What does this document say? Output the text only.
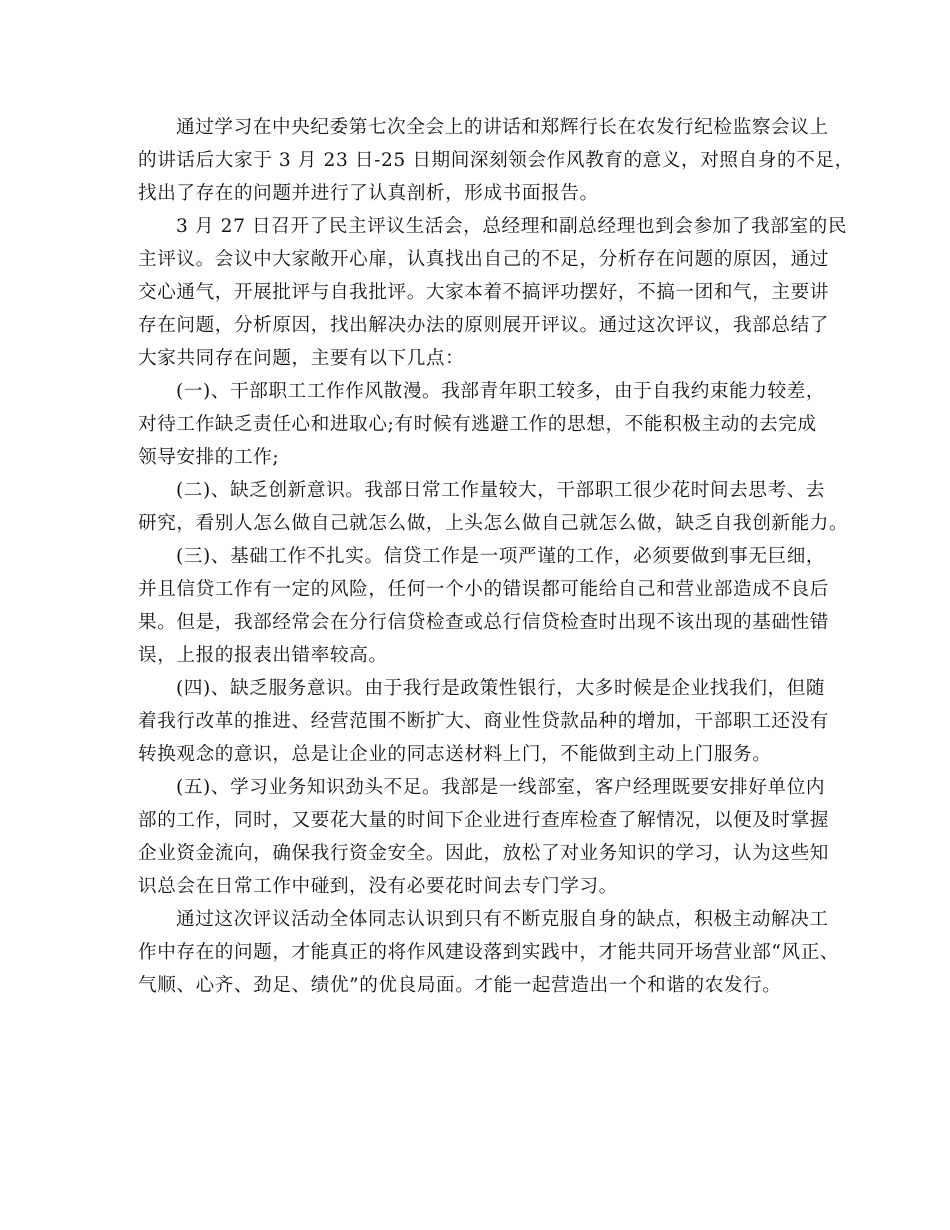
通过学习在中央纪委第七次全会上的讲话和郑辉行长在农发行纪检监察会议上
的讲话后大家于 3 月 23 日-25 日期间深刻领会作风教育的意义，对照自身的不足，
找出了存在的问题并进行了认真剖析，形成书面报告。
3 月 27 日召开了民主评议生活会，总经理和副总经理也到会参加了我部室的民
主评议。会议中大家敞开心扉，认真找出自己的不足，分析存在问题的原因，通过
交心通气，开展批评与自我批评。大家本着不搞评功摆好，不搞一团和气，主要讲
存在问题，分析原因，找出解决办法的原则展开评议。通过这次评议，我部总结了
大家共同存在问题，主要有以下几点：
(一)、干部职工工作作风散漫。我部青年职工较多，由于自我约束能力较差，
对待工作缺乏责任心和进取心;有时候有逃避工作的思想，不能积极主动的去完成
领导安排的工作;
(二)、缺乏创新意识。我部日常工作量较大，干部职工很少花时间去思考、去
研究，看别人怎么做自己就怎么做，上头怎么做自己就怎么做，缺乏自我创新能力。
(三)、基础工作不扎实。信贷工作是一项严谨的工作，必须要做到事无巨细，
并且信贷工作有一定的风险，任何一个小的错误都可能给自己和营业部造成不良后
果。但是，我部经常会在分行信贷检查或总行信贷检查时出现不该出现的基础性错
误，上报的报表出错率较高。
(四)、缺乏服务意识。由于我行是政策性银行，大多时候是企业找我们，但随
着我行改革的推进、经营范围不断扩大、商业性贷款品种的增加，干部职工还没有
转换观念的意识，总是让企业的同志送材料上门，不能做到主动上门服务。
(五)、学习业务知识劲头不足。我部是一线部室，客户经理既要安排好单位内
部的工作，同时，又要花大量的时间下企业进行查库检查了解情况，以便及时掌握
企业资金流向，确保我行资金安全。因此，放松了对业务知识的学习，认为这些知
识总会在日常工作中碰到，没有必要花时间去专门学习。
通过这次评议活动全体同志认识到只有不断克服自身的缺点，积极主动解决工
作中存在的问题，才能真正的将作风建设落到实践中，才能共同开场营业部“风正、
气顺、心齐、劲足、绩优”的优良局面。才能一起营造出一个和谐的农发行。
